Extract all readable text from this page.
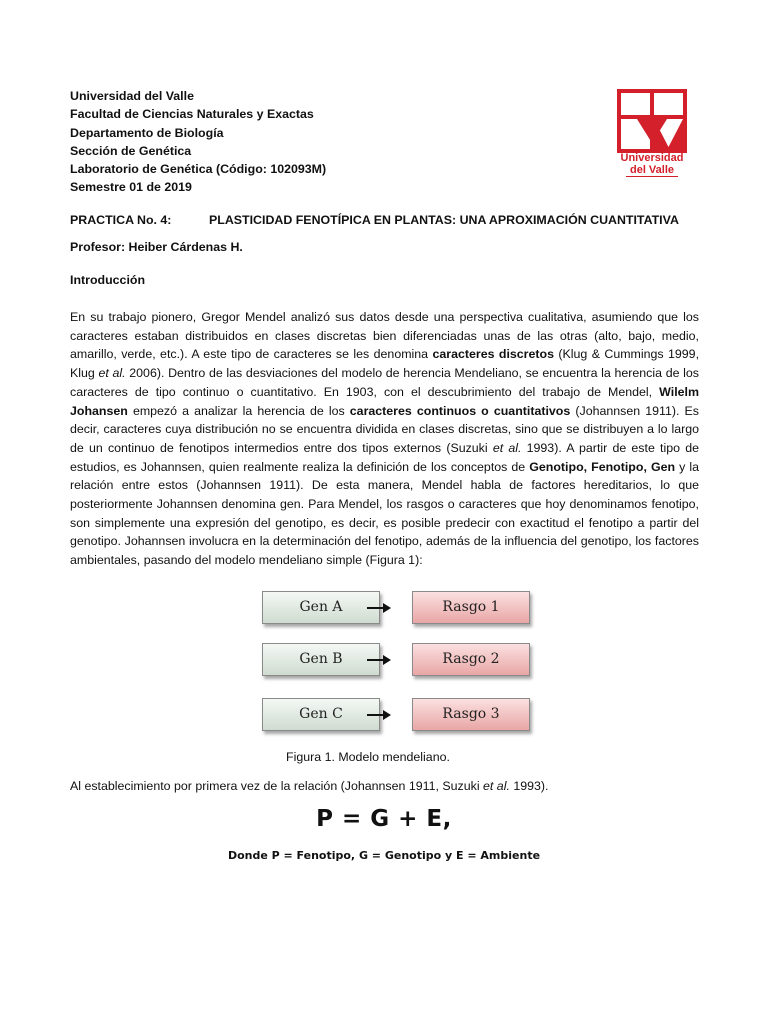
Universidad del Valle
Facultad de Ciencias Naturales y Exactas
Departamento de Biología
Sección de Genética
Laboratorio de Genética (Código: 102093M)
Semestre 01 de 2019
Universidad
del Valle
PRACTICA No. 4:	PLASTICIDAD FENOTÍPICA EN PLANTAS: UNA APROXIMACIÓN CUANTITATIVA
Profesor: Heiber Cárdenas H.
Introducción

En su trabajo pionero, Gregor Mendel analizó sus datos desde una perspectiva cualitativa, asumiendo que los caracteres estaban distribuidos en clases discretas bien diferenciadas unas de las otras (alto, bajo, medio, amarillo, verde, etc.). A este tipo de caracteres se les denomina caracteres discretos (Klug & Cummings 1999, Klug et al. 2006). Dentro de las desviaciones del modelo de herencia Mendeliano, se encuentra la herencia de los caracteres de tipo continuo o cuantitativo. En 1903, con el descubrimiento del trabajo de Mendel, Wilelm Johansen empezó a analizar la herencia de los caracteres continuos o cuantitativos (Johannsen 1911). Es decir, caracteres cuya distribución no se encuentra dividida en clases discretas, sino que se distribuyen a lo largo de un continuo de fenotipos intermedios entre dos tipos externos (Suzuki et al. 1993). A partir de este tipo de estudios, es Johannsen, quien realmente realiza la definición de los conceptos de Genotipo, Fenotipo, Gen y la relación entre estos (Johannsen 1911). De esta manera, Mendel habla de factores hereditarios, lo que posteriormente Johannsen denomina gen. Para Mendel, los rasgos o caracteres que hoy denominamos fenotipo, son simplemente una expresión del genotipo, es decir, es posible predecir con exactitud el fenotipo a partir del genotipo. Johannsen involucra en la determinación del fenotipo, además de la influencia del genotipo, los factores ambientales, pasando del modelo mendeliano simple (Figura 1):

Gen A	Rasgo 1
Gen B	Rasgo 2
Gen C	Rasgo 3
Figura 1. Modelo mendeliano.
Al establecimiento por primera vez de la relación (Johannsen 1911, Suzuki et al. 1993).
P = G + E,
Donde P = Fenotipo, G = Genotipo y E = Ambiente
